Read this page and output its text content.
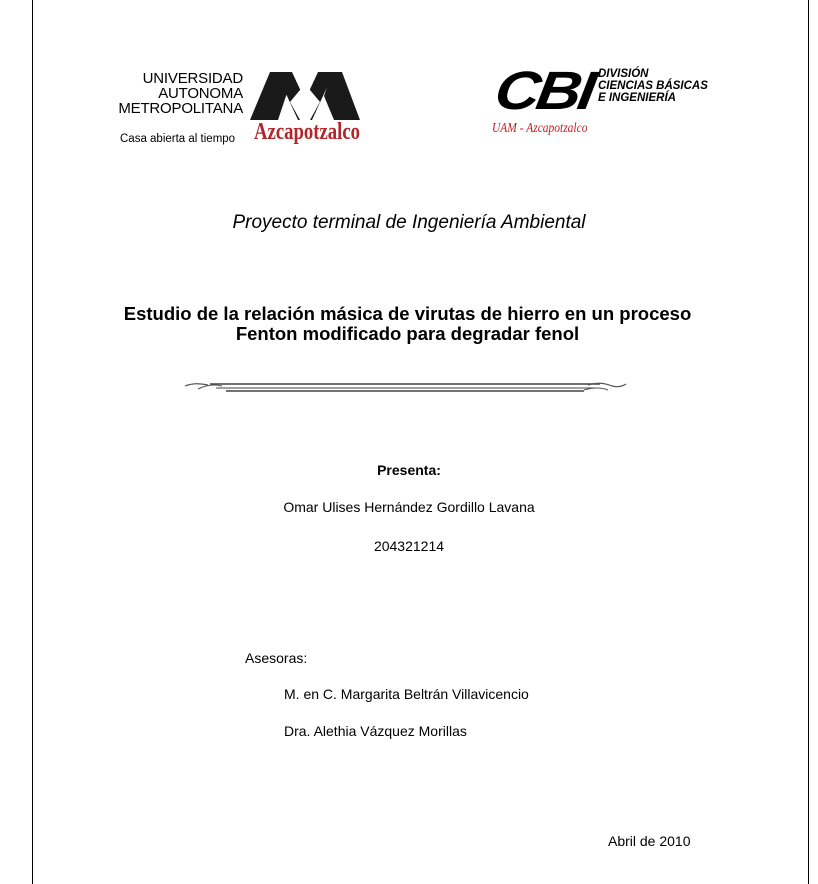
UNIVERSIDAD
AUTONOMA
METROPOLITANA
Casa abierta al tiempo Azcapotzalco
CBI DIVISIÓN
CIENCIAS BÁSICAS
E INGENIERÍA
UAM - Azcapotzalco
Proyecto terminal de Ingeniería Ambiental
Estudio de la relación másica de virutas de hierro en un proceso Fenton modificado para degradar fenol
Presenta:
Omar Ulises Hernández Gordillo Lavana
204321214
Asesoras:
M. en C. Margarita Beltrán Villavicencio
Dra. Alethia Vázquez Morillas
Abril de 2010
